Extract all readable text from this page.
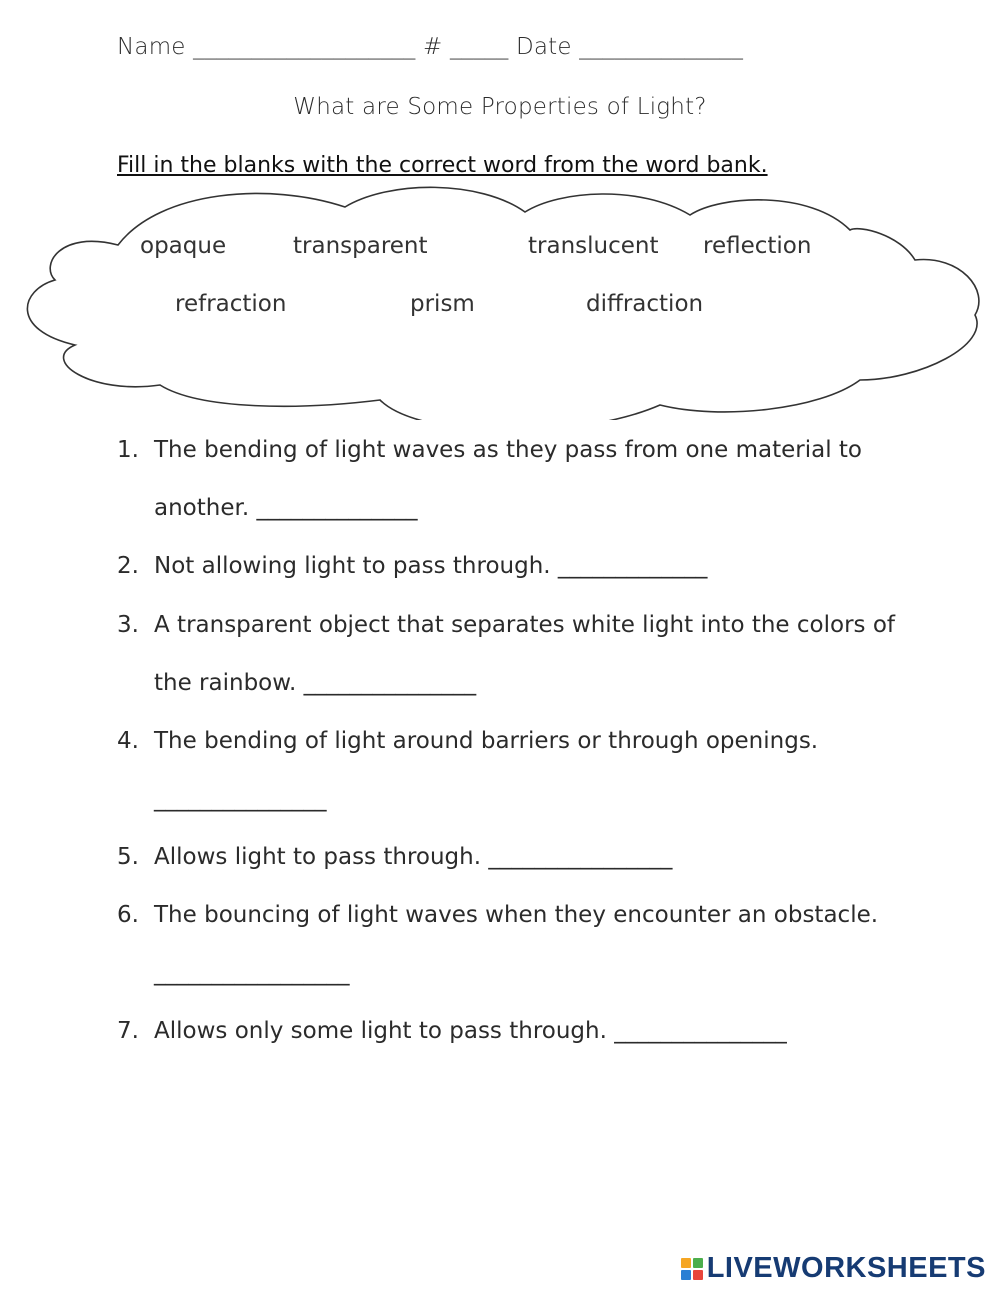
Name ___________________ # _____ Date ______________
What are Some Properties of Light?
Fill in the blanks with the correct word from the word bank.
opaque	transparent	translucent reflection
refraction	prism	diffraction
1. The bending of light waves as they pass from one material to
another. ______________
2. Not allowing light to pass through. _____________
3. A transparent object that separates white light into the colors of
the rainbow. _______________
4. The bending of light around barriers or through openings.
_______________
5. Allows light to pass through. ________________
6. The bouncing of light waves when they encounter an obstacle.
_________________
7. Allows only some light to pass through. _______________
LIVEWORKSHEETS
